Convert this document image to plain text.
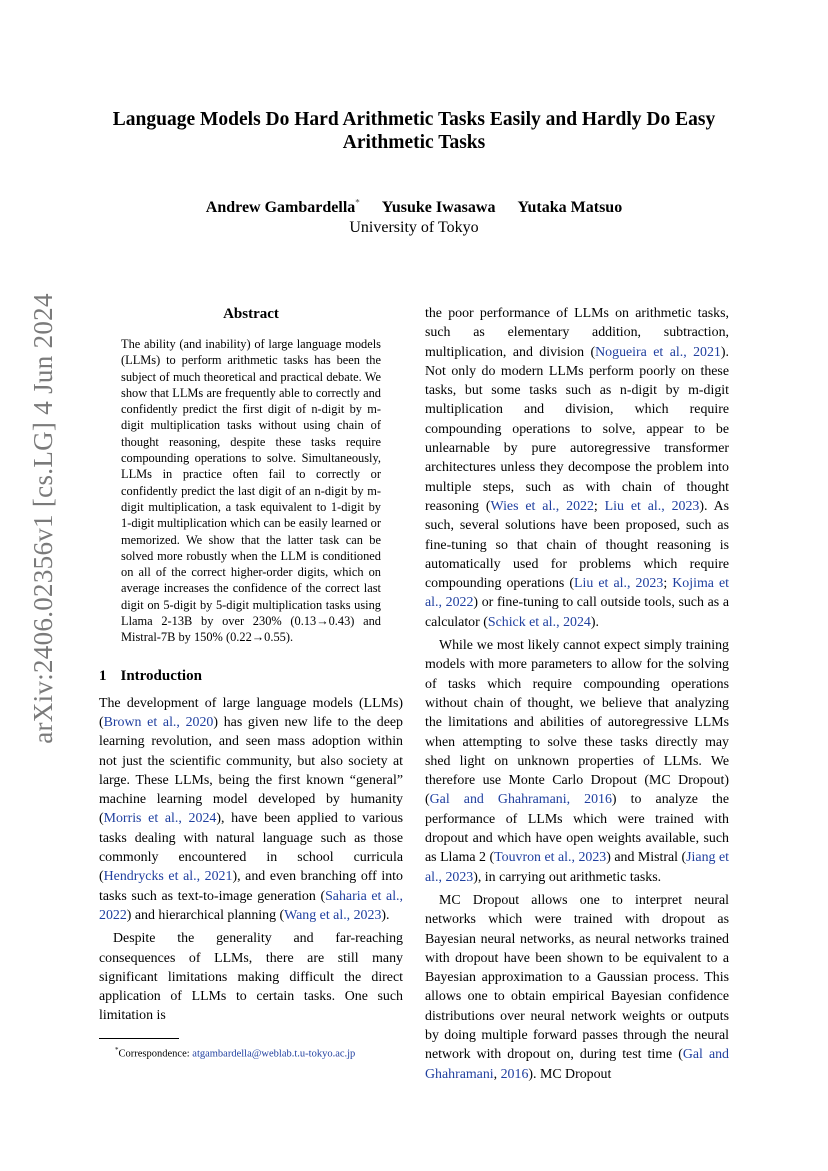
arXiv:2406.02356v1 [cs.LG] 4 Jun 2024
Language Models Do Hard Arithmetic Tasks Easily and Hardly Do Easy Arithmetic Tasks
Andrew Gambardella* Yusuke Iwasawa Yutaka Matsuo
University of Tokyo
Abstract
The ability (and inability) of large language models (LLMs) to perform arithmetic tasks has been the subject of much theoretical and practical debate. We show that LLMs are frequently able to correctly and confidently predict the first digit of n-digit by m-digit multiplication tasks without using chain of thought reasoning, despite these tasks require compounding operations to solve. Simultaneously, LLMs in practice often fail to correctly or confidently predict the last digit of an n-digit by m-digit multiplication, a task equivalent to 1-digit by 1-digit multiplication which can be easily learned or memorized. We show that the latter task can be solved more robustly when the LLM is conditioned on all of the correct higher-order digits, which on average increases the confidence of the correct last digit on 5-digit by 5-digit multiplication tasks using Llama 2-13B by over 230% (0.13→0.43) and Mistral-7B by 150% (0.22→0.55).
1 Introduction

The development of large language models (LLMs) (Brown et al., 2020) has given new life to the deep learning revolution, and seen mass adoption within not just the scientific community, but also society at large. These LLMs, being the first known “general” machine learning model developed by humanity (Morris et al., 2024), have been applied to various tasks dealing with natural language such as those commonly encountered in school curricula (Hendrycks et al., 2021), and even branching off into tasks such as text-to-image generation (Saharia et al., 2022) and hierarchical planning (Wang et al., 2023).

Despite the generality and far-reaching consequences of LLMs, there are still many significant limitations making difficult the direct application of LLMs to certain tasks. One such limitation is

*Correspondence: atgambardella@weblab.t.u-tokyo.ac.jp

the poor performance of LLMs on arithmetic tasks, such as elementary addition, subtraction, multiplication, and division (Nogueira et al., 2021). Not only do modern LLMs perform poorly on these tasks, but some tasks such as n-digit by m-digit multiplication and division, which require compounding operations to solve, appear to be unlearnable by pure autoregressive transformer architectures unless they decompose the problem into multiple steps, such as with chain of thought reasoning (Wies et al., 2022; Liu et al., 2023). As such, several solutions have been proposed, such as fine-tuning so that chain of thought reasoning is automatically used for problems which require compounding operations (Liu et al., 2023; Kojima et al., 2022) or fine-tuning to call outside tools, such as a calculator (Schick et al., 2024).

While we most likely cannot expect simply training models with more parameters to allow for the solving of tasks which require compounding operations without chain of thought, we believe that analyzing the limitations and abilities of autoregressive LLMs when attempting to solve these tasks directly may shed light on unknown properties of LLMs. We therefore use Monte Carlo Dropout (MC Dropout) (Gal and Ghahramani, 2016) to analyze the performance of LLMs which were trained with dropout and which have open weights available, such as Llama 2 (Touvron et al., 2023) and Mistral (Jiang et al., 2023), in carrying out arithmetic tasks.

MC Dropout allows one to interpret neural networks which were trained with dropout as Bayesian neural networks, as neural networks trained with dropout have been shown to be equivalent to a Bayesian approximation to a Gaussian process. This allows one to obtain empirical Bayesian confidence distributions over neural network weights or outputs by doing multiple forward passes through the neural network with dropout on, during test time (Gal and Ghahramani, 2016). MC Dropout
